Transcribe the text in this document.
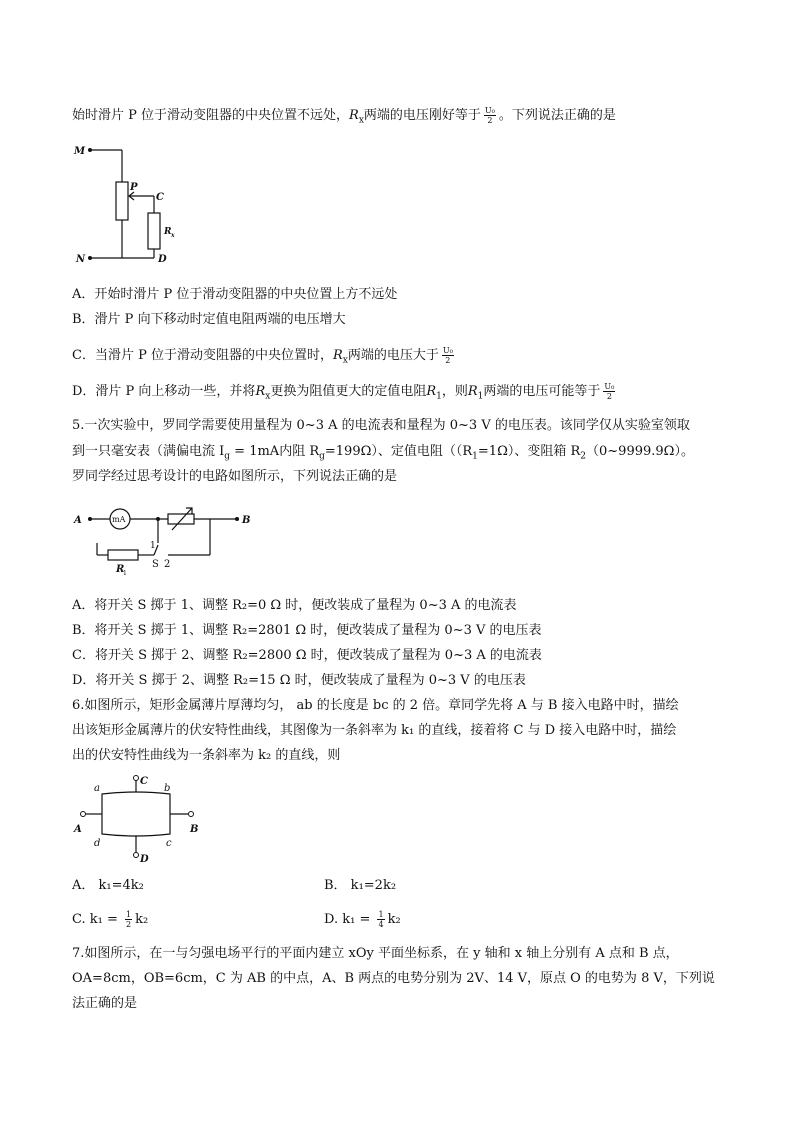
始时滑片 P 位于滑动变阻器的中央位置不远处，$R_x$两端的电压刚好等于 $\frac{\text{U₀}}{2}$ 。下列说法正确的是
M
N
P
C
D
R x
A．开始时滑片 P 位于滑动变阻器的中央位置上方不远处
B．滑片 P 向下移动时定值电阻两端的电压增大
C．当滑片 P 位于滑动变阻器的中央位置时，$R_x$两端的电压大于 $\frac{\text{U₀}}{2}$
D．滑片 P 向上移动一些，并将$R_x$更换为阻值更大的定值电阻$R_1$，则$R_1$两端的电压可能等于 $\frac{\text{U₀}}{2}$
5.一次实验中，罗同学需要使用量程为 0~3 A 的电流表和量程为 0~3 V 的电压表。该同学仅从实验室领取
到一只毫安表（满偏电流 $I_g = 1mA$内阻 $R_g=199\Omega$）、定值电阻（$(R_1=1\Omega)$、变阻箱 $R_2(0\sim 9999.9\Omega)$。
罗同学经过思考设计的电路如图所示，下列说法正确的是
A	mA	B
1
S 2
R
1
A．将开关 S 掷于 1、调整 R₂=0 Ω 时，便改装成了量程为 0~3 A 的电流表
B．将开关 S 掷于 1、调整 R₂=2801 Ω 时，便改装成了量程为 0~3 V 的电压表
C．将开关 S 掷于 2、调整 R₂=2800 Ω 时，便改装成了量程为 0~3 A 的电流表
D．将开关 S 掷于 2、调整 R₂=15 Ω 时，便改装成了量程为 0~3 V 的电压表
6.如图所示，矩形金属薄片厚薄均匀， ab 的长度是 bc 的 2 倍。章同学先将 A 与 B 接入电路中时，描绘
出该矩形金属薄片的伏安特性曲线，其图像为一条斜率为 k₁ 的直线，接着将 C 与 D 接入电路中时，描绘
出的伏安特性曲线为一条斜率为 k₂ 的直线，则
a	b
c
d
A	B
C
D
A． k₁=4k₂	B． k₁=2k₂
C. $k_1 = \frac{1}{2} k_2$	D. $k_1 = \frac{1}{4} k_2$
7.如图所示，在一与匀强电场平行的平面内建立 xOy 平面坐标系，在 y 轴和 x 轴上分别有 A 点和 B 点，
OA=8cm，OB=6cm，C 为 AB 的中点，A、B 两点的电势分别为 2V、14 V，原点 O 的电势为 8 V，下列说
法正确的是
